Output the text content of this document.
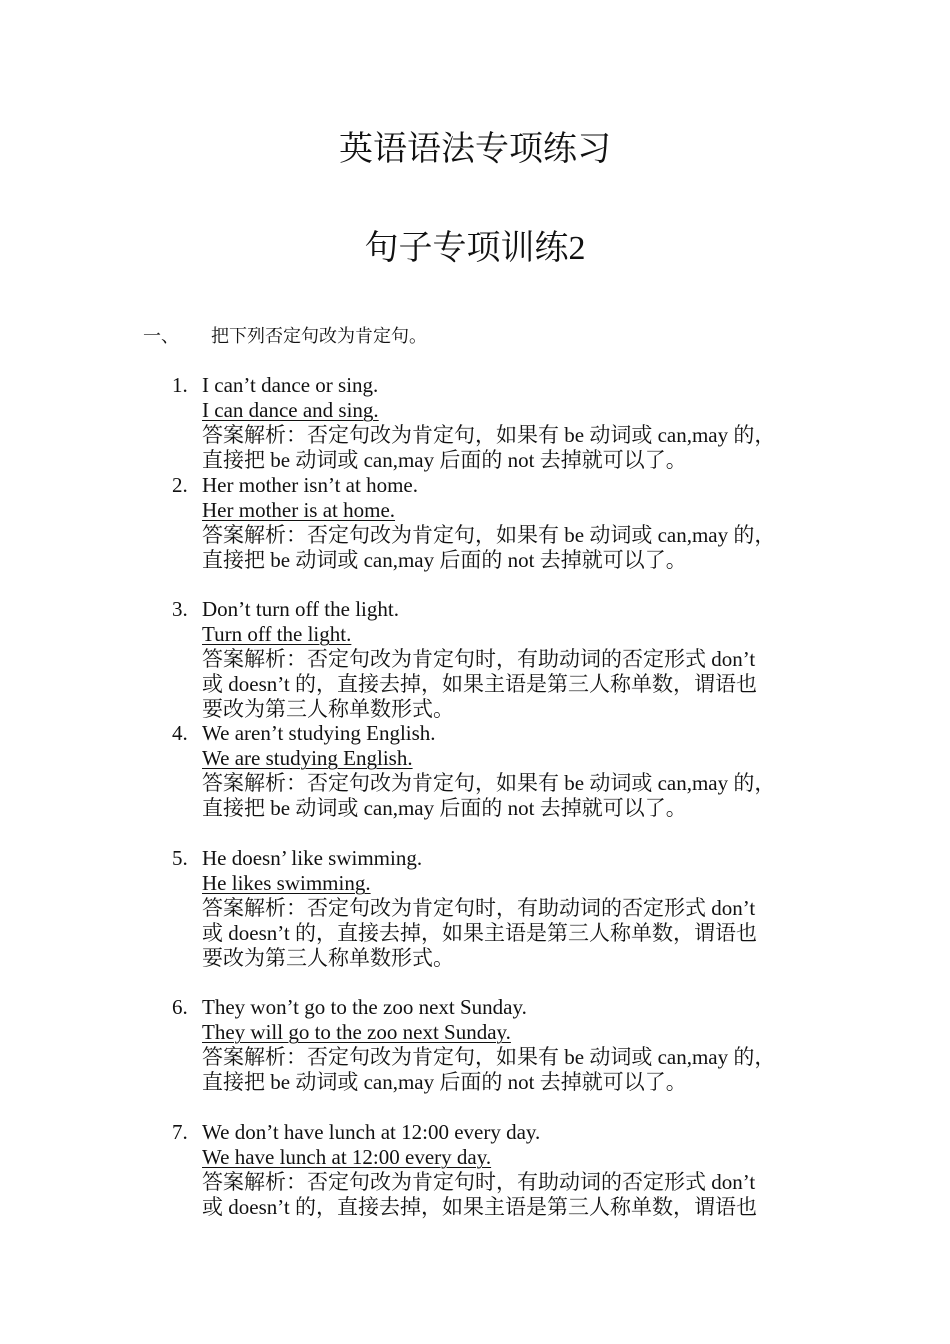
英语语法专项练习
句子专项训练2
一、 把下列否定句改为肯定句。
1. I can’t dance or sing.
I can dance and sing.
答案解析：否定句改为肯定句，如果有 be 动词或 can,may 的，
直接把 be 动词或 can,may 后面的 not 去掉就可以了。
2. Her mother isn’t at home.
Her mother is at home.
答案解析：否定句改为肯定句，如果有 be 动词或 can,may 的，
直接把 be 动词或 can,may 后面的 not 去掉就可以了。
3. Don’t turn off the light.
Turn off the light.
答案解析：否定句改为肯定句时，有助动词的否定形式 don’t
或 doesn’t 的，直接去掉，如果主语是第三人称单数，谓语也
要改为第三人称单数形式。
4. We aren’t studying English.
We are studying English.
答案解析：否定句改为肯定句，如果有 be 动词或 can,may 的，
直接把 be 动词或 can,may 后面的 not 去掉就可以了。
5. He doesn’ like swimming.
He likes swimming.
答案解析：否定句改为肯定句时，有助动词的否定形式 don’t
或 doesn’t 的，直接去掉，如果主语是第三人称单数，谓语也
要改为第三人称单数形式。
6. They won’t go to the zoo next Sunday.
They will go to the zoo next Sunday.
答案解析：否定句改为肯定句，如果有 be 动词或 can,may 的，
直接把 be 动词或 can,may 后面的 not 去掉就可以了。
7. We don’t have lunch at 12:00 every day.
We have lunch at 12:00 every day.
答案解析：否定句改为肯定句时，有助动词的否定形式 don’t
或 doesn’t 的，直接去掉，如果主语是第三人称单数，谓语也
